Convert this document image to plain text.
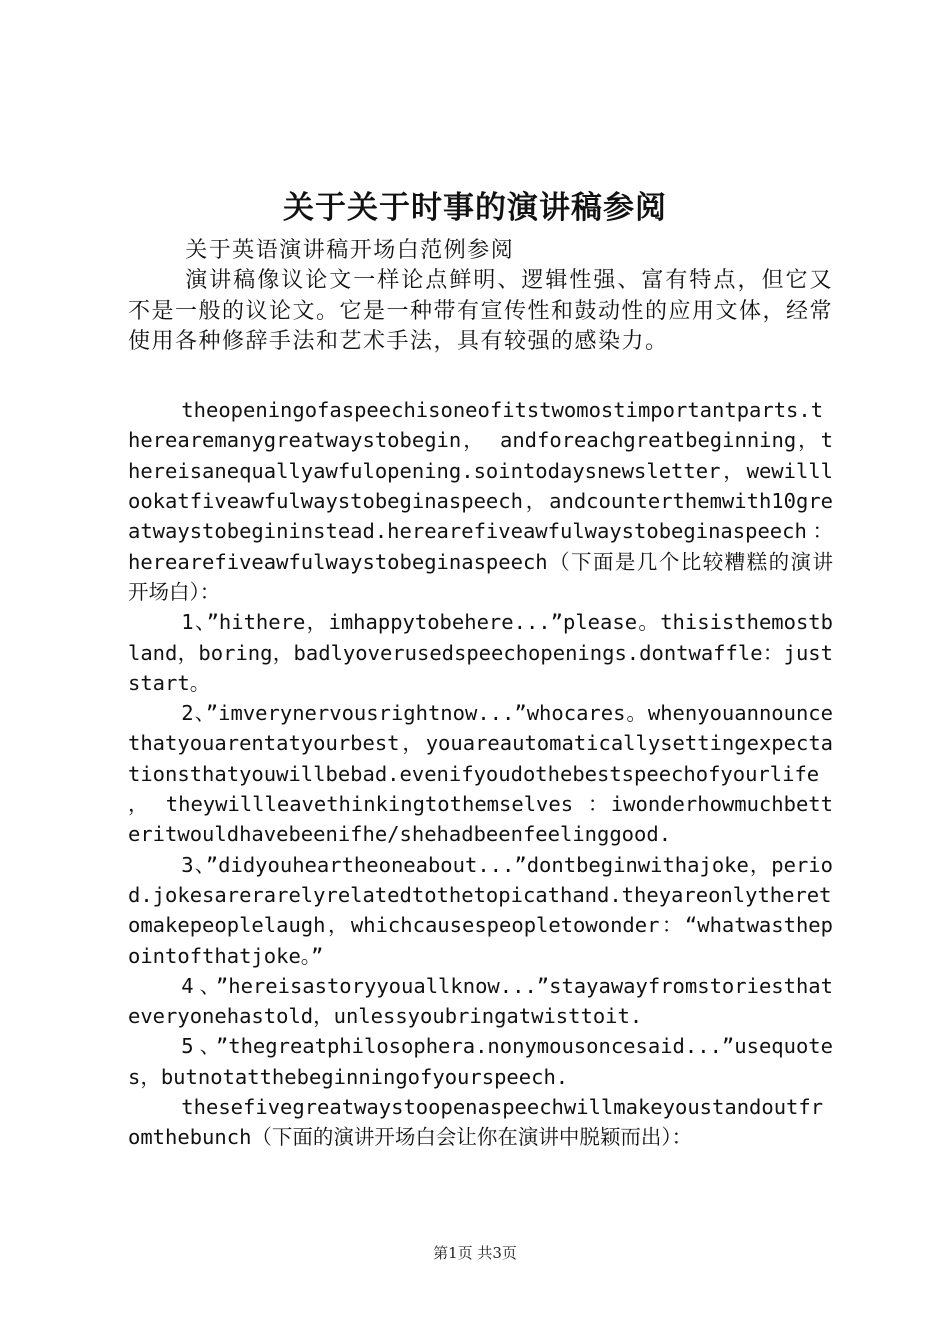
关于关于时事的演讲稿参阅

关于英语演讲稿开场白范例参阅

演讲稿像议论文一样论点鲜明、逻辑性强、富有特点，但它又不是一般的议论文。它是一种带有宣传性和鼓动性的应用文体，经常使用各种修辞手法和艺术手法，具有较强的感染力。

theopeningofaspeechisoneofitstwomostimportantparts.therearemanygreatwaystobegin， andforeachgreatbeginning，thereisanequallyawfulopening.sointodaysnewsletter，wewilllookatfiveawfulwaystobeginaspeech，andcounterthemwith10greatwaystobegininstead.herearefiveawfulwaystobeginaspeech：herearefiveawfulwaystobeginaspeech（下面是几个比较糟糕的演讲开场白）：

1、”hithere，imhappytobehere...”please。thisisthemostbland，boring，badlyoverusedspeechopenings.dontwaffle：juststart。

2、”imverynervousrightnow...”whocares。whenyouannouncethatyouarentatyourbest，youareautomaticallysettingexpectationsthatyouwillbebad.evenifyoudothebestspeechofyourlife ， theywillleavethinkingtothemselves ：iwonderhowmuchbetteritwouldhavebeenifhe/shehadbeenfeelinggood.

3、”didyouheartheoneabout...”dontbeginwithajoke，period.jokesarerarelyrelatedtothetopicathand.theyareonlytheretomakepeoplelaugh，whichcausespeopletowonder：“whatwasthepointofthatjoke。”

4、”hereisastoryyouallknow...”stayawayfromstoriesthateveryonehastold，unlessyoubringatwisttoit.

5、”thegreatphilosophera.nonymousoncesaid...”usequotes，butnotatthebeginningofyourspeech.

thesefivegreatwaystoopenaspeechwillmakeyoustandoutfromthebunch（下面的演讲开场白会让你在演讲中脱颖而出）：

第1页 共3页
